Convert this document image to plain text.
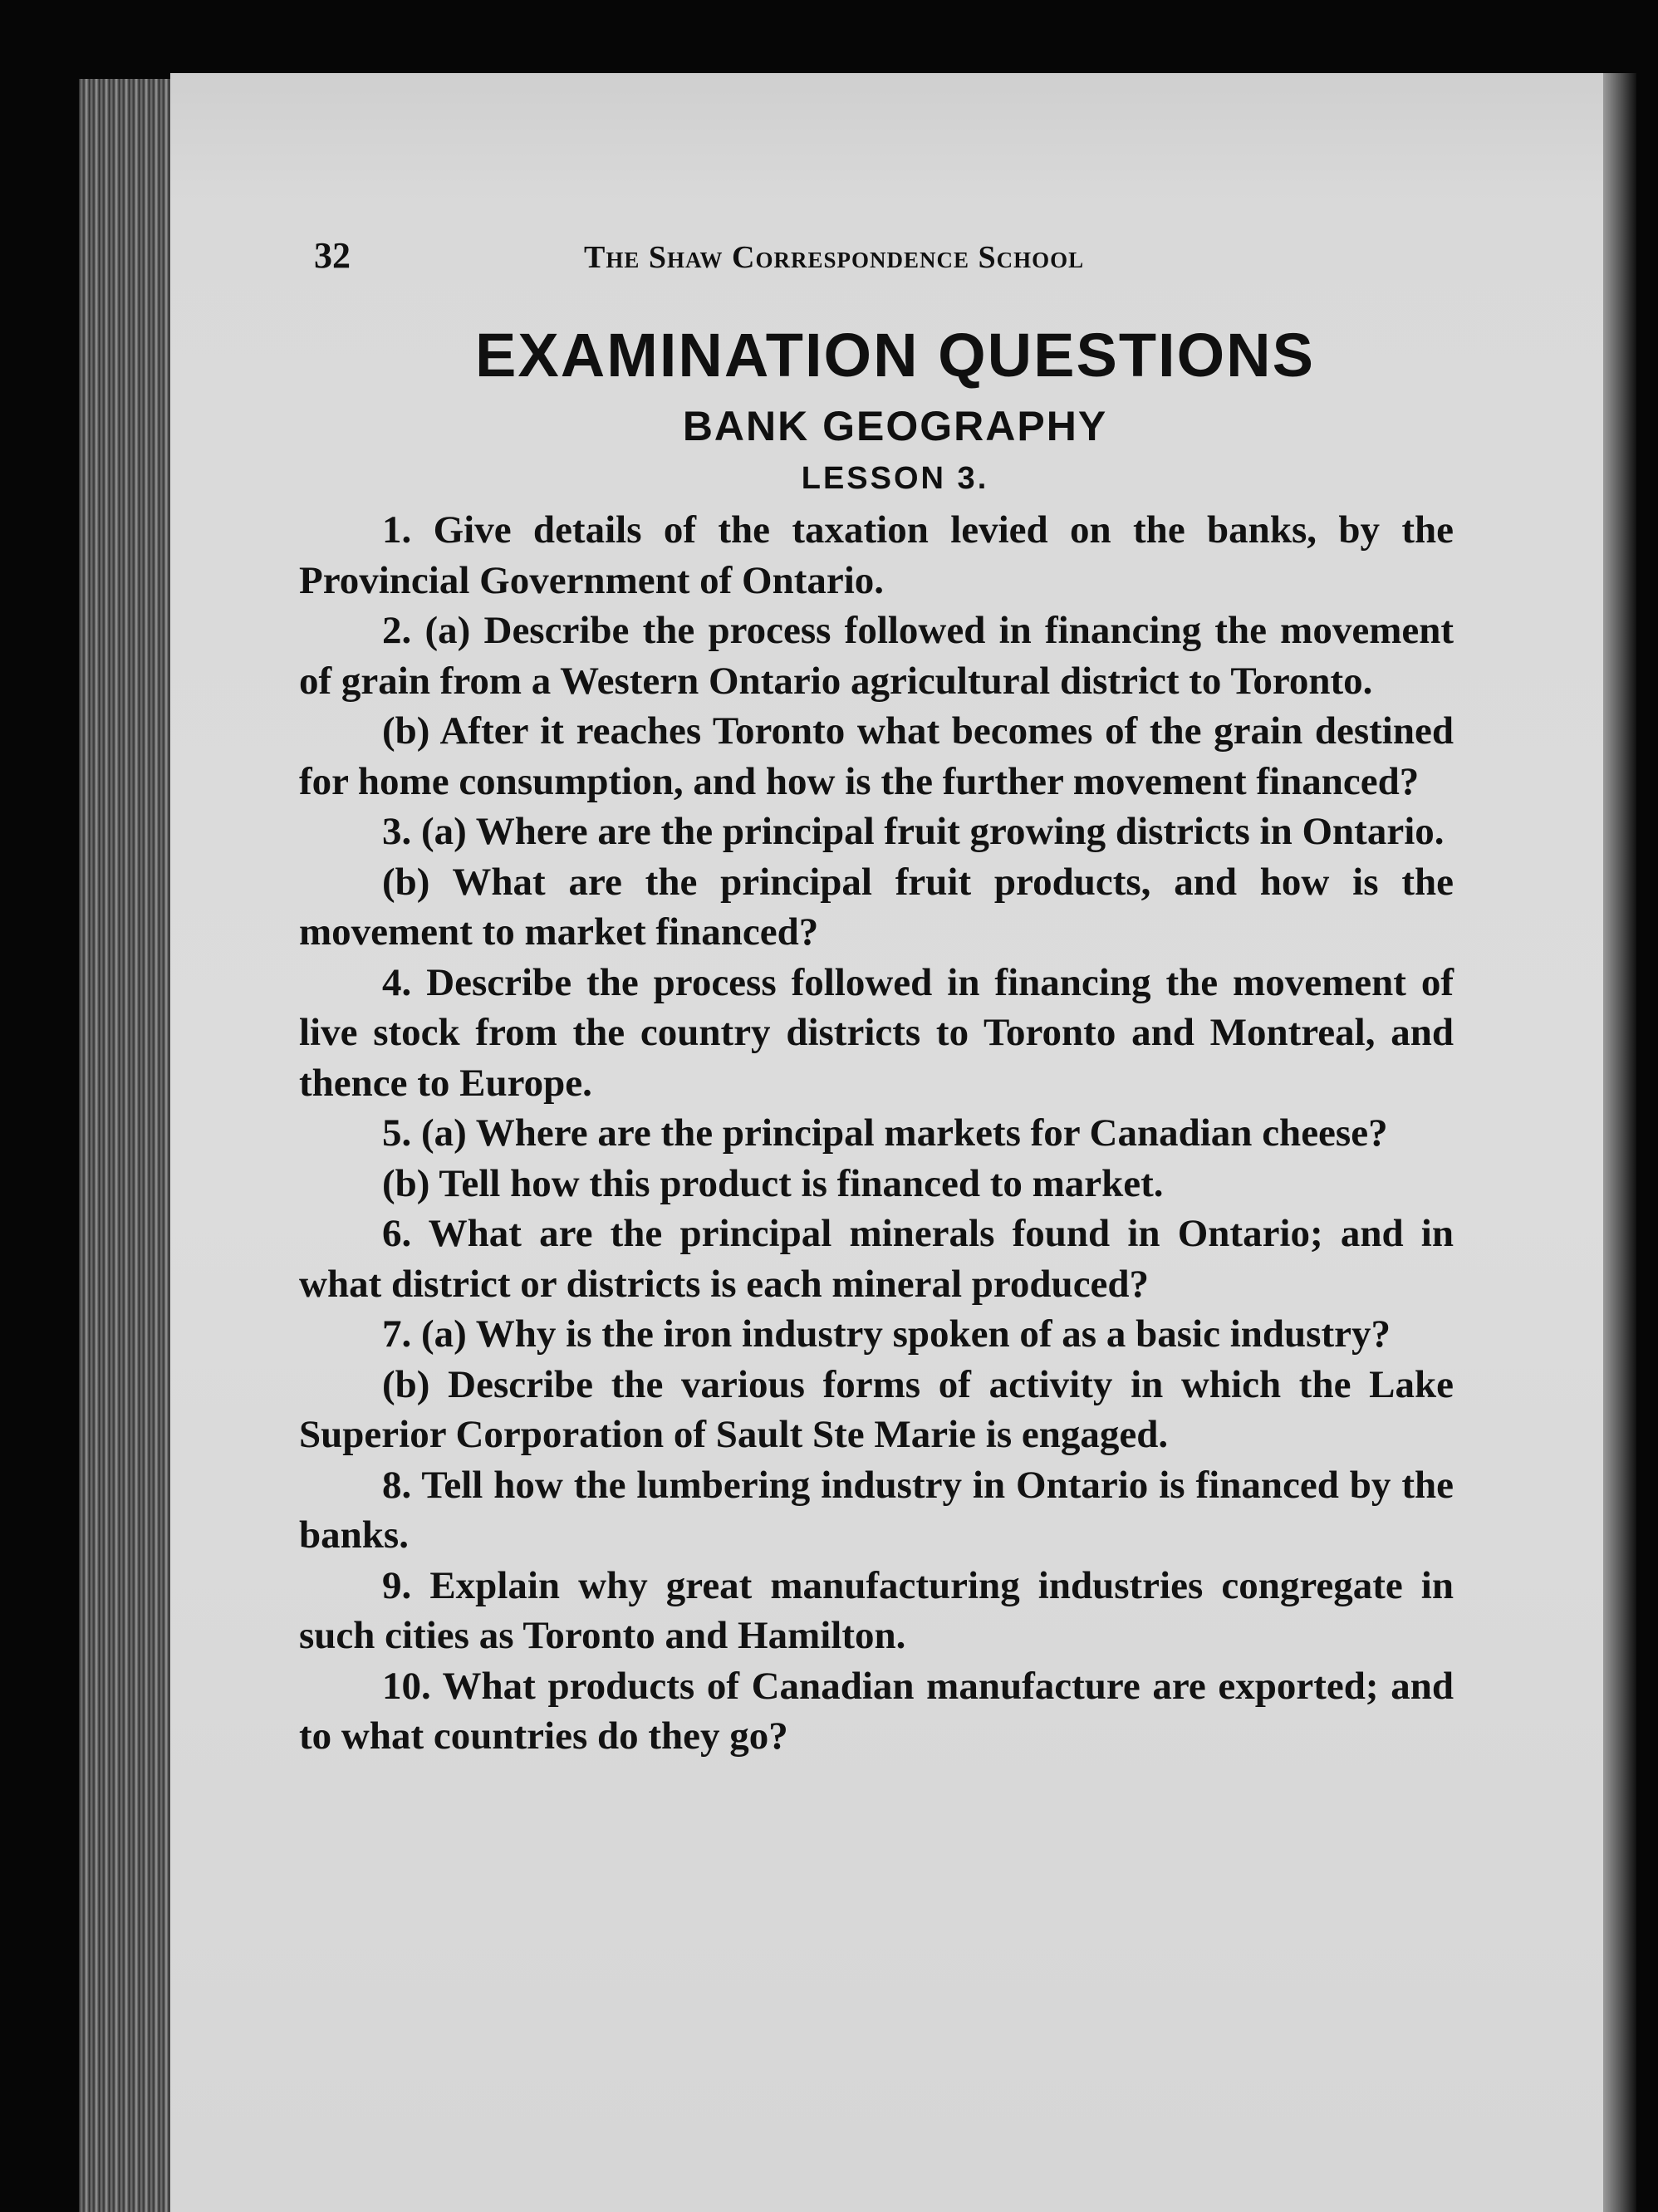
32	The Shaw Correspondence School
EXAMINATION QUESTIONS
BANK GEOGRAPHY
LESSON 3.

1. Give details of the taxation levied on the banks, by the Provincial Government of Ontario.

2. (a) Describe the process followed in financing the movement of grain from a Western Ontario agricultural district to Toronto.

(b) After it reaches Toronto what becomes of the grain destined for home consumption, and how is the further movement financed?

3. (a) Where are the principal fruit growing districts in Ontario.

(b) What are the principal fruit products, and how is the movement to market financed?

4. Describe the process followed in financing the movement of live stock from the country districts to Toronto and Montreal, and thence to Europe.

5. (a) Where are the principal markets for Canadian cheese?

(b) Tell how this product is financed to market.

6. What are the principal minerals found in Ontario; and in what district or districts is each mineral produced?

7. (a) Why is the iron industry spoken of as a basic industry?

(b) Describe the various forms of activity in which the Lake Superior Corporation of Sault Ste Marie is engaged.

8. Tell how the lumbering industry in Ontario is financed by the banks.

9. Explain why great manufacturing industries congregate in such cities as Toronto and Hamilton.

10. What products of Canadian manufacture are exported; and to what countries do they go?
